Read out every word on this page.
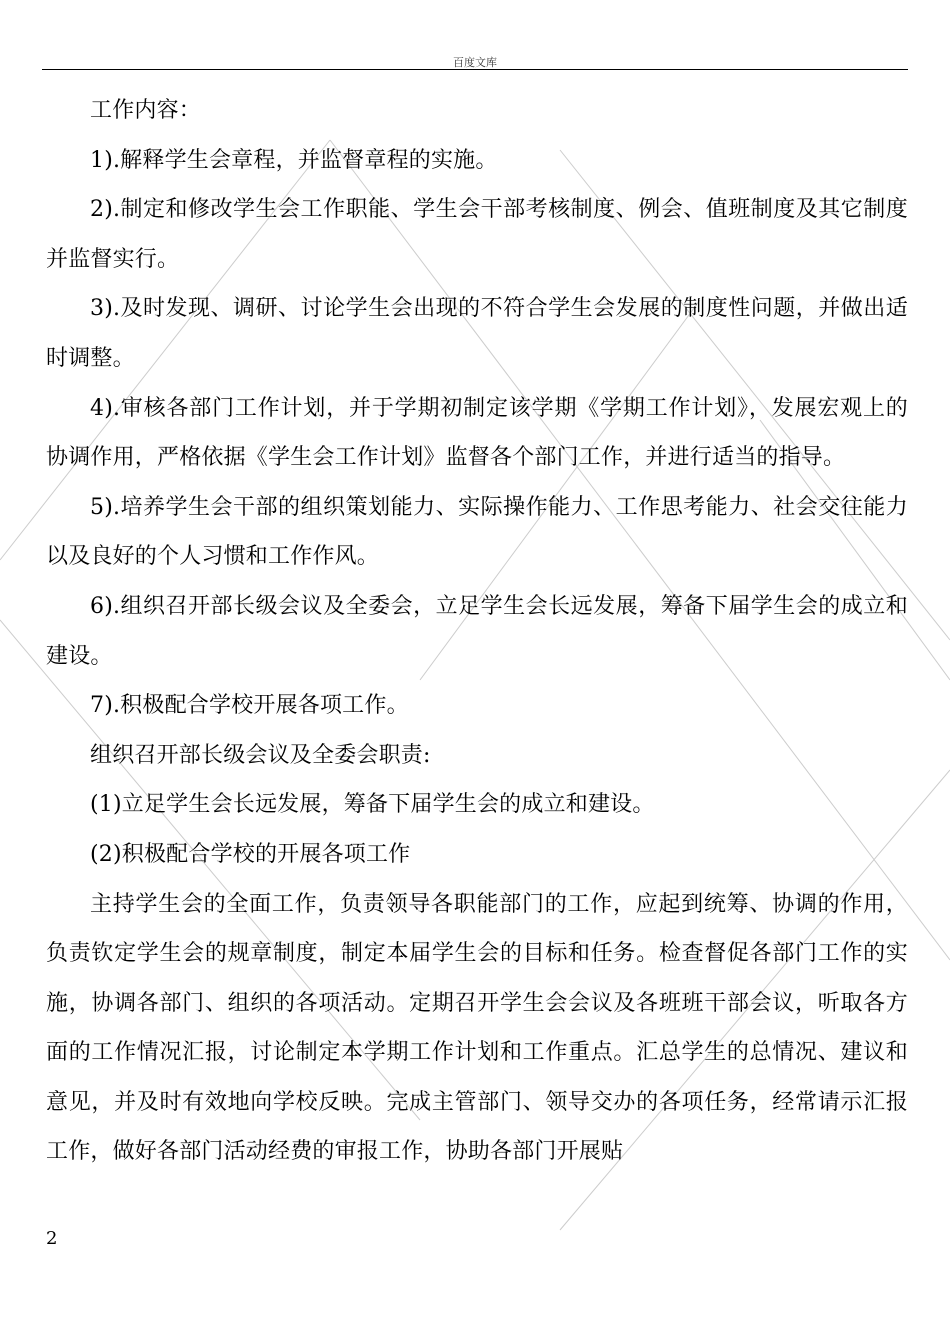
百度文库

工作内容：

1).解释学生会章程，并监督章程的实施。

2).制定和修改学生会工作职能、学生会干部考核制度、例会、值班制度及其它制度并监督实行。

3).及时发现、调研、讨论学生会出现的不符合学生会发展的制度性问题，并做出适时调整。

4).审核各部门工作计划，并于学期初制定该学期《学期工作计划》，发展宏观上的协调作用，严格依据《学生会工作计划》监督各个部门工作，并进行适当的指导。

5).培养学生会干部的组织策划能力、实际操作能力、工作思考能力、社会交往能力以及良好的个人习惯和工作作风。

6).组织召开部长级会议及全委会，立足学生会长远发展，筹备下届学生会的成立和建设。

7).积极配合学校开展各项工作。

组织召开部长级会议及全委会职责:

(1)立足学生会长远发展，筹备下届学生会的成立和建设。

(2)积极配合学校的开展各项工作

主持学生会的全面工作，负责领导各职能部门的工作，应起到统筹、协调的作用，负责钦定学生会的规章制度，制定本届学生会的目标和任务。检查督促各部门工作的实施，协调各部门、组织的各项活动。定期召开学生会会议及各班班干部会议，听取各方面的工作情况汇报，讨论制定本学期工作计划和工作重点。汇总学生的总情况、建议和意见，并及时有效地向学校反映。完成主管部门、领导交办的各项任务，经常请示汇报工作，做好各部门活动经费的审报工作，协助各部门开展贴

2
